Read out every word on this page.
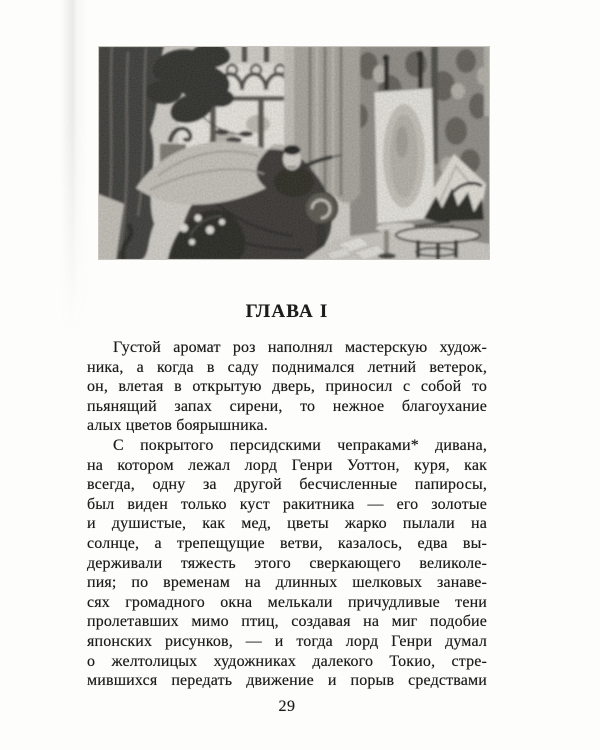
ГЛАВА I
Густой аромат роз наполнял мастерскую худож-
ника, а когда в саду поднимался летний ветерок,
он, влетая в открытую дверь, приносил с собой то
пьянящий запах сирени, то нежное благоухание
алых цветов боярышника.
С покрытого персидскими чепраками* дивана,
на котором лежал лорд Генри Уоттон, куря, как
всегда, одну за другой бесчисленные папиросы,
был виден только куст ракитника — его золотые
и душистые, как мед, цветы жарко пылали на
солнце, а трепещущие ветви, казалось, едва вы-
держивали тяжесть этого сверкающего великоле-
пия; по временам на длинных шелковых занаве-
сях громадного окна мелькали причудливые тени
пролетавших мимо птиц, создавая на миг подобие
японских рисунков, — и тогда лорд Генри думал
о желтолицых художниках далекого Токио, стре-
мившихся передать движение и порыв средствами
29
